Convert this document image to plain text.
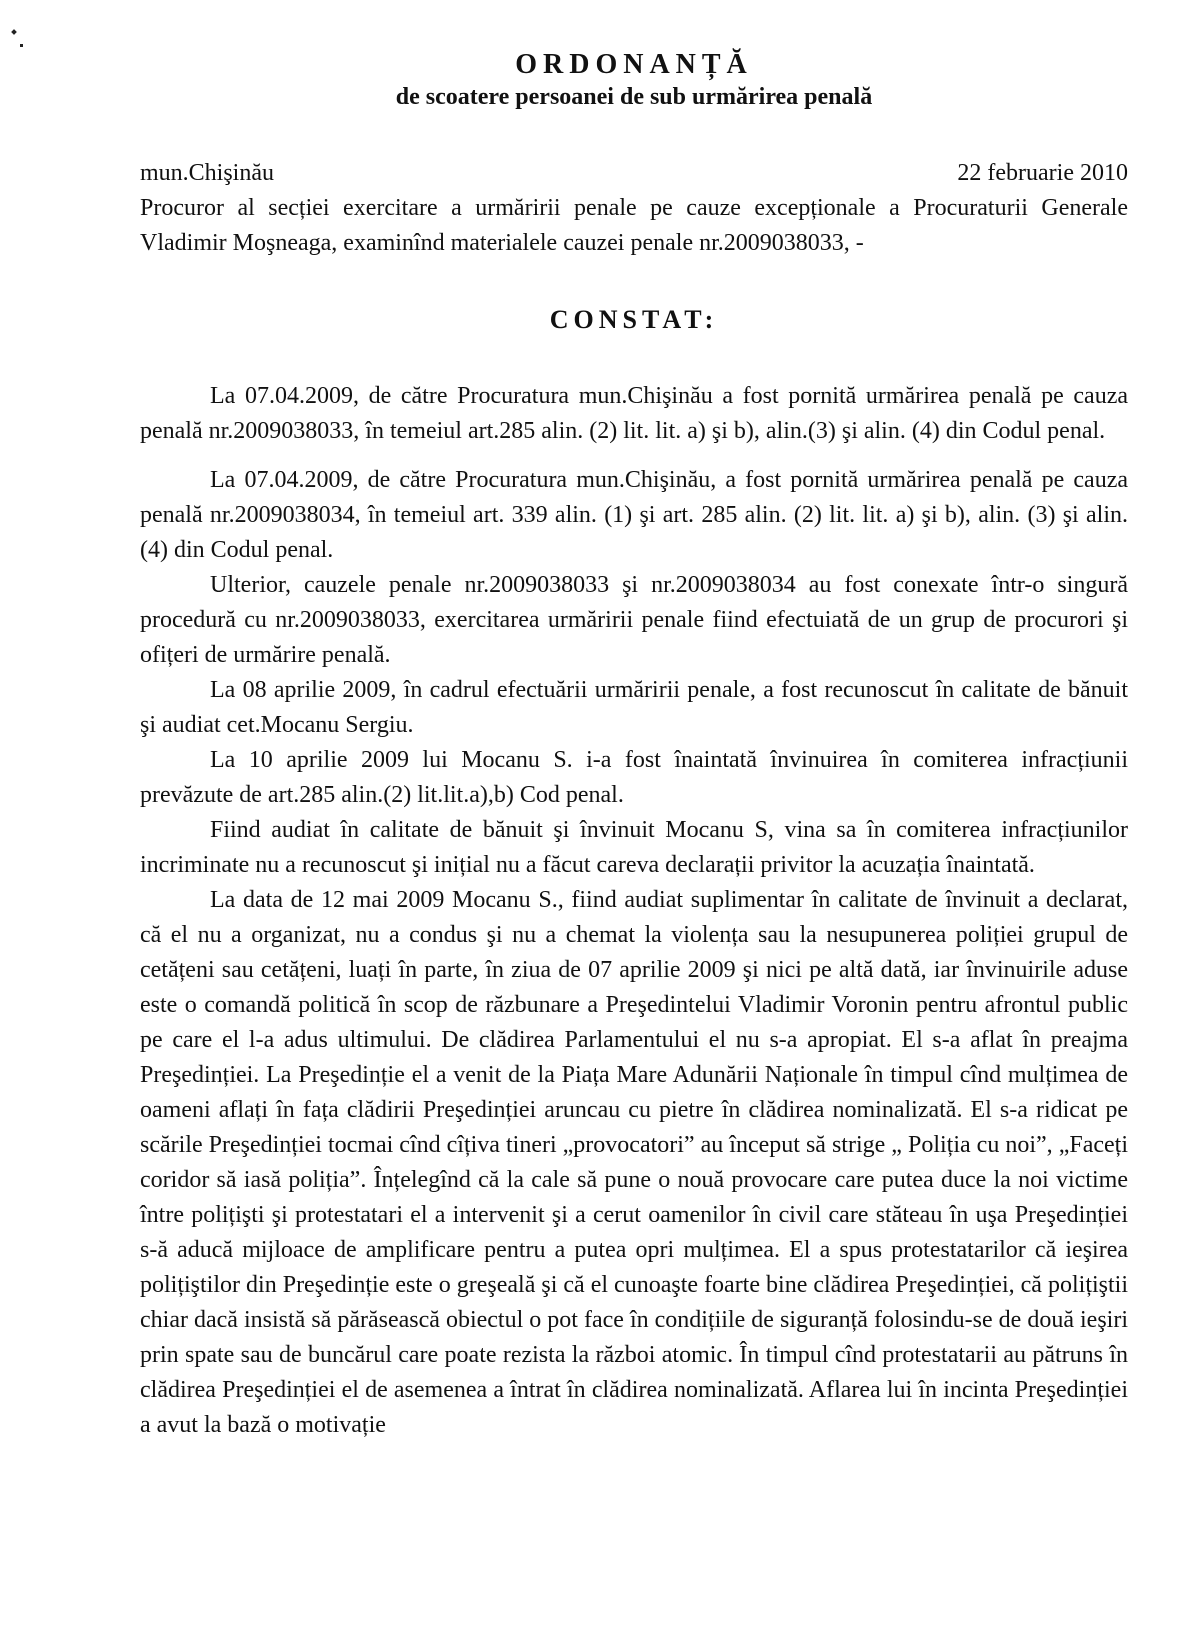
ORDONANȚĂ
de scoatere persoanei de sub urmărirea penală
mun.Chişinău	22 februarie 2010

Procuror al secției exercitare a urmăririi penale pe cauze excepționale a Procuraturii Generale Vladimir Moşneaga, examinînd materialele cauzei penale nr.2009038033, -

CONSTAT:

La 07.04.2009, de către Procuratura mun.Chişinău a fost pornită urmărirea penală pe cauza penală nr.2009038033, în temeiul art.285 alin. (2) lit. lit. a) şi b), alin.(3) şi alin. (4) din Codul penal.

La 07.04.2009, de către Procuratura mun.Chişinău, a fost pornită urmărirea penală pe cauza penală nr.2009038034, în temeiul art. 339 alin. (1) şi art. 285 alin. (2) lit. lit. a) şi b), alin. (3) şi alin. (4) din Codul penal.

Ulterior, cauzele penale nr.2009038033 şi nr.2009038034 au fost conexate într-o singură procedură cu nr.2009038033, exercitarea urmăririi penale fiind efectuiată de un grup de procurori şi ofițeri de urmărire penală.

La 08 aprilie 2009, în cadrul efectuării urmăririi penale, a fost recunoscut în calitate de bănuit şi audiat cet.Mocanu Sergiu.

La 10 aprilie 2009 lui Mocanu S. i-a fost înaintată învinuirea în comiterea infracțiunii prevăzute de art.285 alin.(2) lit.lit.a),b) Cod penal.

Fiind audiat în calitate de bănuit şi învinuit Mocanu S, vina sa în comiterea infracțiunilor incriminate nu a recunoscut şi inițial nu a făcut careva declarații privitor la acuzația înaintată.

La data de 12 mai 2009 Mocanu S., fiind audiat suplimentar în calitate de învinuit a declarat, că el nu a organizat, nu a condus şi nu a chemat la violența sau la nesupunerea poliției grupul de cetățeni sau cetățeni, luați în parte, în ziua de 07 aprilie 2009 şi nici pe altă dată, iar învinuirile aduse este o comandă politică în scop de răzbunare a Preşedintelui Vladimir Voronin pentru afrontul public pe care el l-a adus ultimului. De clădirea Parlamentului el nu s-a apropiat. El s-a aflat în preajma Preşedinției. La Preşedinție el a venit de la Piața Mare Adunării Naționale în timpul cînd mulțimea de oameni aflați în fața clădirii Preşedinției aruncau cu pietre în clădirea nominalizată. El s-a ridicat pe scările Preşedinției tocmai cînd cîțiva tineri „provocatori” au început să strige „ Poliția cu noi”, „Faceți coridor să iasă poliția”. Înțelegînd că la cale să pune o nouă provocare care putea duce la noi victime între polițişti şi protestatari el a intervenit şi a cerut oamenilor în civil care stăteau în uşa Preşedinției s-ă aducă mijloace de amplificare pentru a putea opri mulțimea. El a spus protestatarilor că ieşirea polițiştilor din Preşedinție este o greşeală şi că el cunoaşte foarte bine clădirea Preşedinției, că polițiştii chiar dacă insistă să părăsească obiectul o pot face în condițiile de siguranță folosindu-se de două ieşiri prin spate sau de buncărul care poate rezista la război atomic. În timpul cînd protestatarii au pătruns în clădirea Preşedinției el de asemenea a întrat în clădirea nominalizată. Aflarea lui în incinta Preşedinției a avut la bază o motivație
